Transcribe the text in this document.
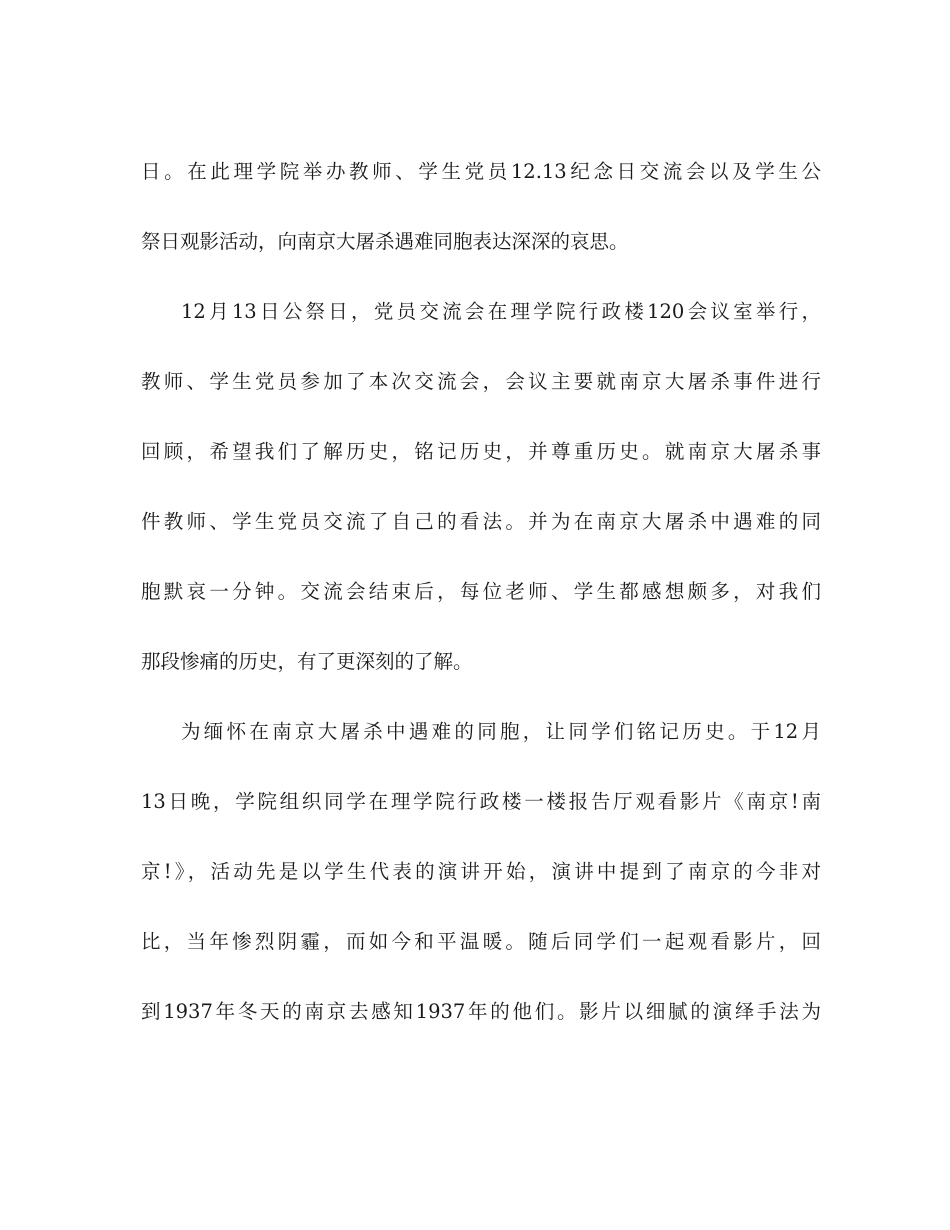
日。在此理学院举办教师、学生党员12.13纪念日交流会以及学生公
祭日观影活动，向南京大屠杀遇难同胞表达深深的哀思。
12月13日公祭日，党员交流会在理学院行政楼120会议室举行，
教师、学生党员参加了本次交流会，会议主要就南京大屠杀事件进行
回顾，希望我们了解历史，铭记历史，并尊重历史。就南京大屠杀事
件教师、学生党员交流了自己的看法。并为在南京大屠杀中遇难的同
胞默哀一分钟。交流会结束后，每位老师、学生都感想颇多，对我们
那段惨痛的历史，有了更深刻的了解。
为缅怀在南京大屠杀中遇难的同胞，让同学们铭记历史。于12月
13日晚，学院组织同学在理学院行政楼一楼报告厅观看影片《南京!南
京!》，活动先是以学生代表的演讲开始，演讲中提到了南京的今非对
比，当年惨烈阴霾，而如今和平温暖。随后同学们一起观看影片，回
到1937年冬天的南京去感知1937年的他们。影片以细腻的演绎手法为
